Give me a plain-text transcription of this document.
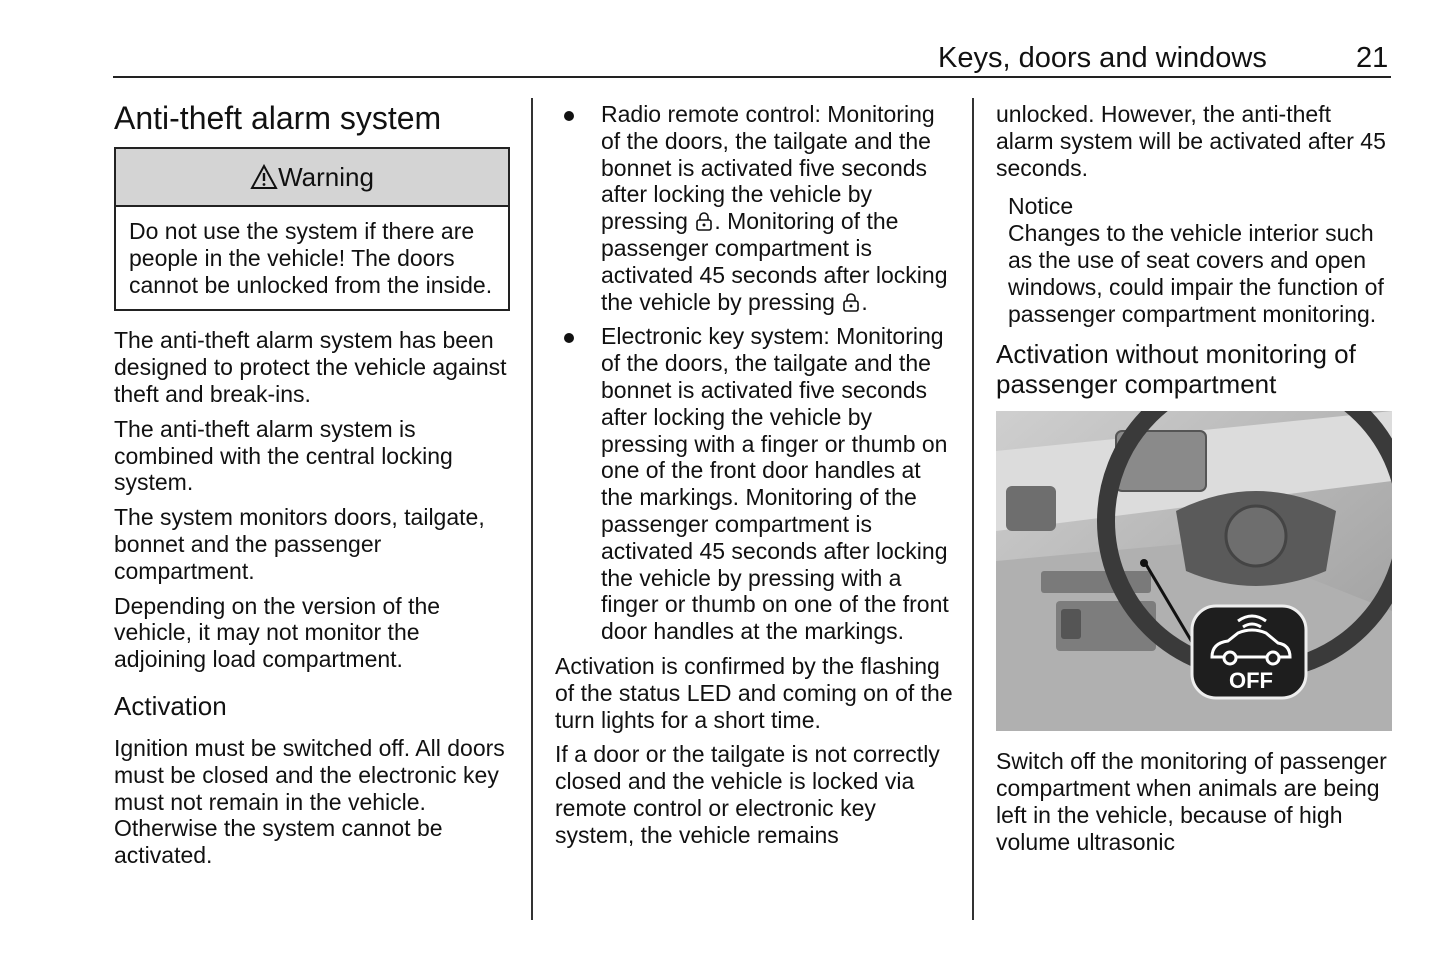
Keys, doors and windows	21
Anti-theft alarm system
Warning
Do not use the system if there are people in the vehicle! The doors cannot be unlocked from the inside.

The anti-theft alarm system has been designed to protect the vehicle against theft and break-ins.

The anti-theft alarm system is combined with the central locking system.

The system monitors doors, tailgate, bonnet and the passenger compartment.

Depending on the version of the vehicle, it may not monitor the adjoining load compartment.

Activation

Ignition must be switched off. All doors must be closed and the electronic key must not remain in the vehicle. Otherwise the system cannot be activated.

Radio remote control: Monitoring of the doors, the tailgate and the bonnet is activated five seconds after locking the vehicle by pressing . Monitoring of the passenger compartment is activated 45 seconds after locking the vehicle by pressing .
Electronic key system: Monitoring of the doors, the tailgate and the bonnet is activated five seconds after locking the vehicle by pressing with a finger or thumb on one of the front door handles at the markings. Monitoring of the passenger compartment is activated 45 seconds after locking the vehicle by pressing with a finger or thumb on one of the front door handles at the markings.

Activation is confirmed by the flashing of the status LED and coming on of the turn lights for a short time.

If a door or the tailgate is not correctly closed and the vehicle is locked via remote control or electronic key system, the vehicle remains

unlocked. However, the anti-theft alarm system will be activated after 45 seconds.

Notice
Changes to the vehicle interior such as the use of seat covers and open windows, could impair the function of passenger compartment monitoring.
Activation without monitoring of passenger compartment
OFF

Switch off the monitoring of passenger compartment when animals are being left in the vehicle, because of high volume ultrasonic
